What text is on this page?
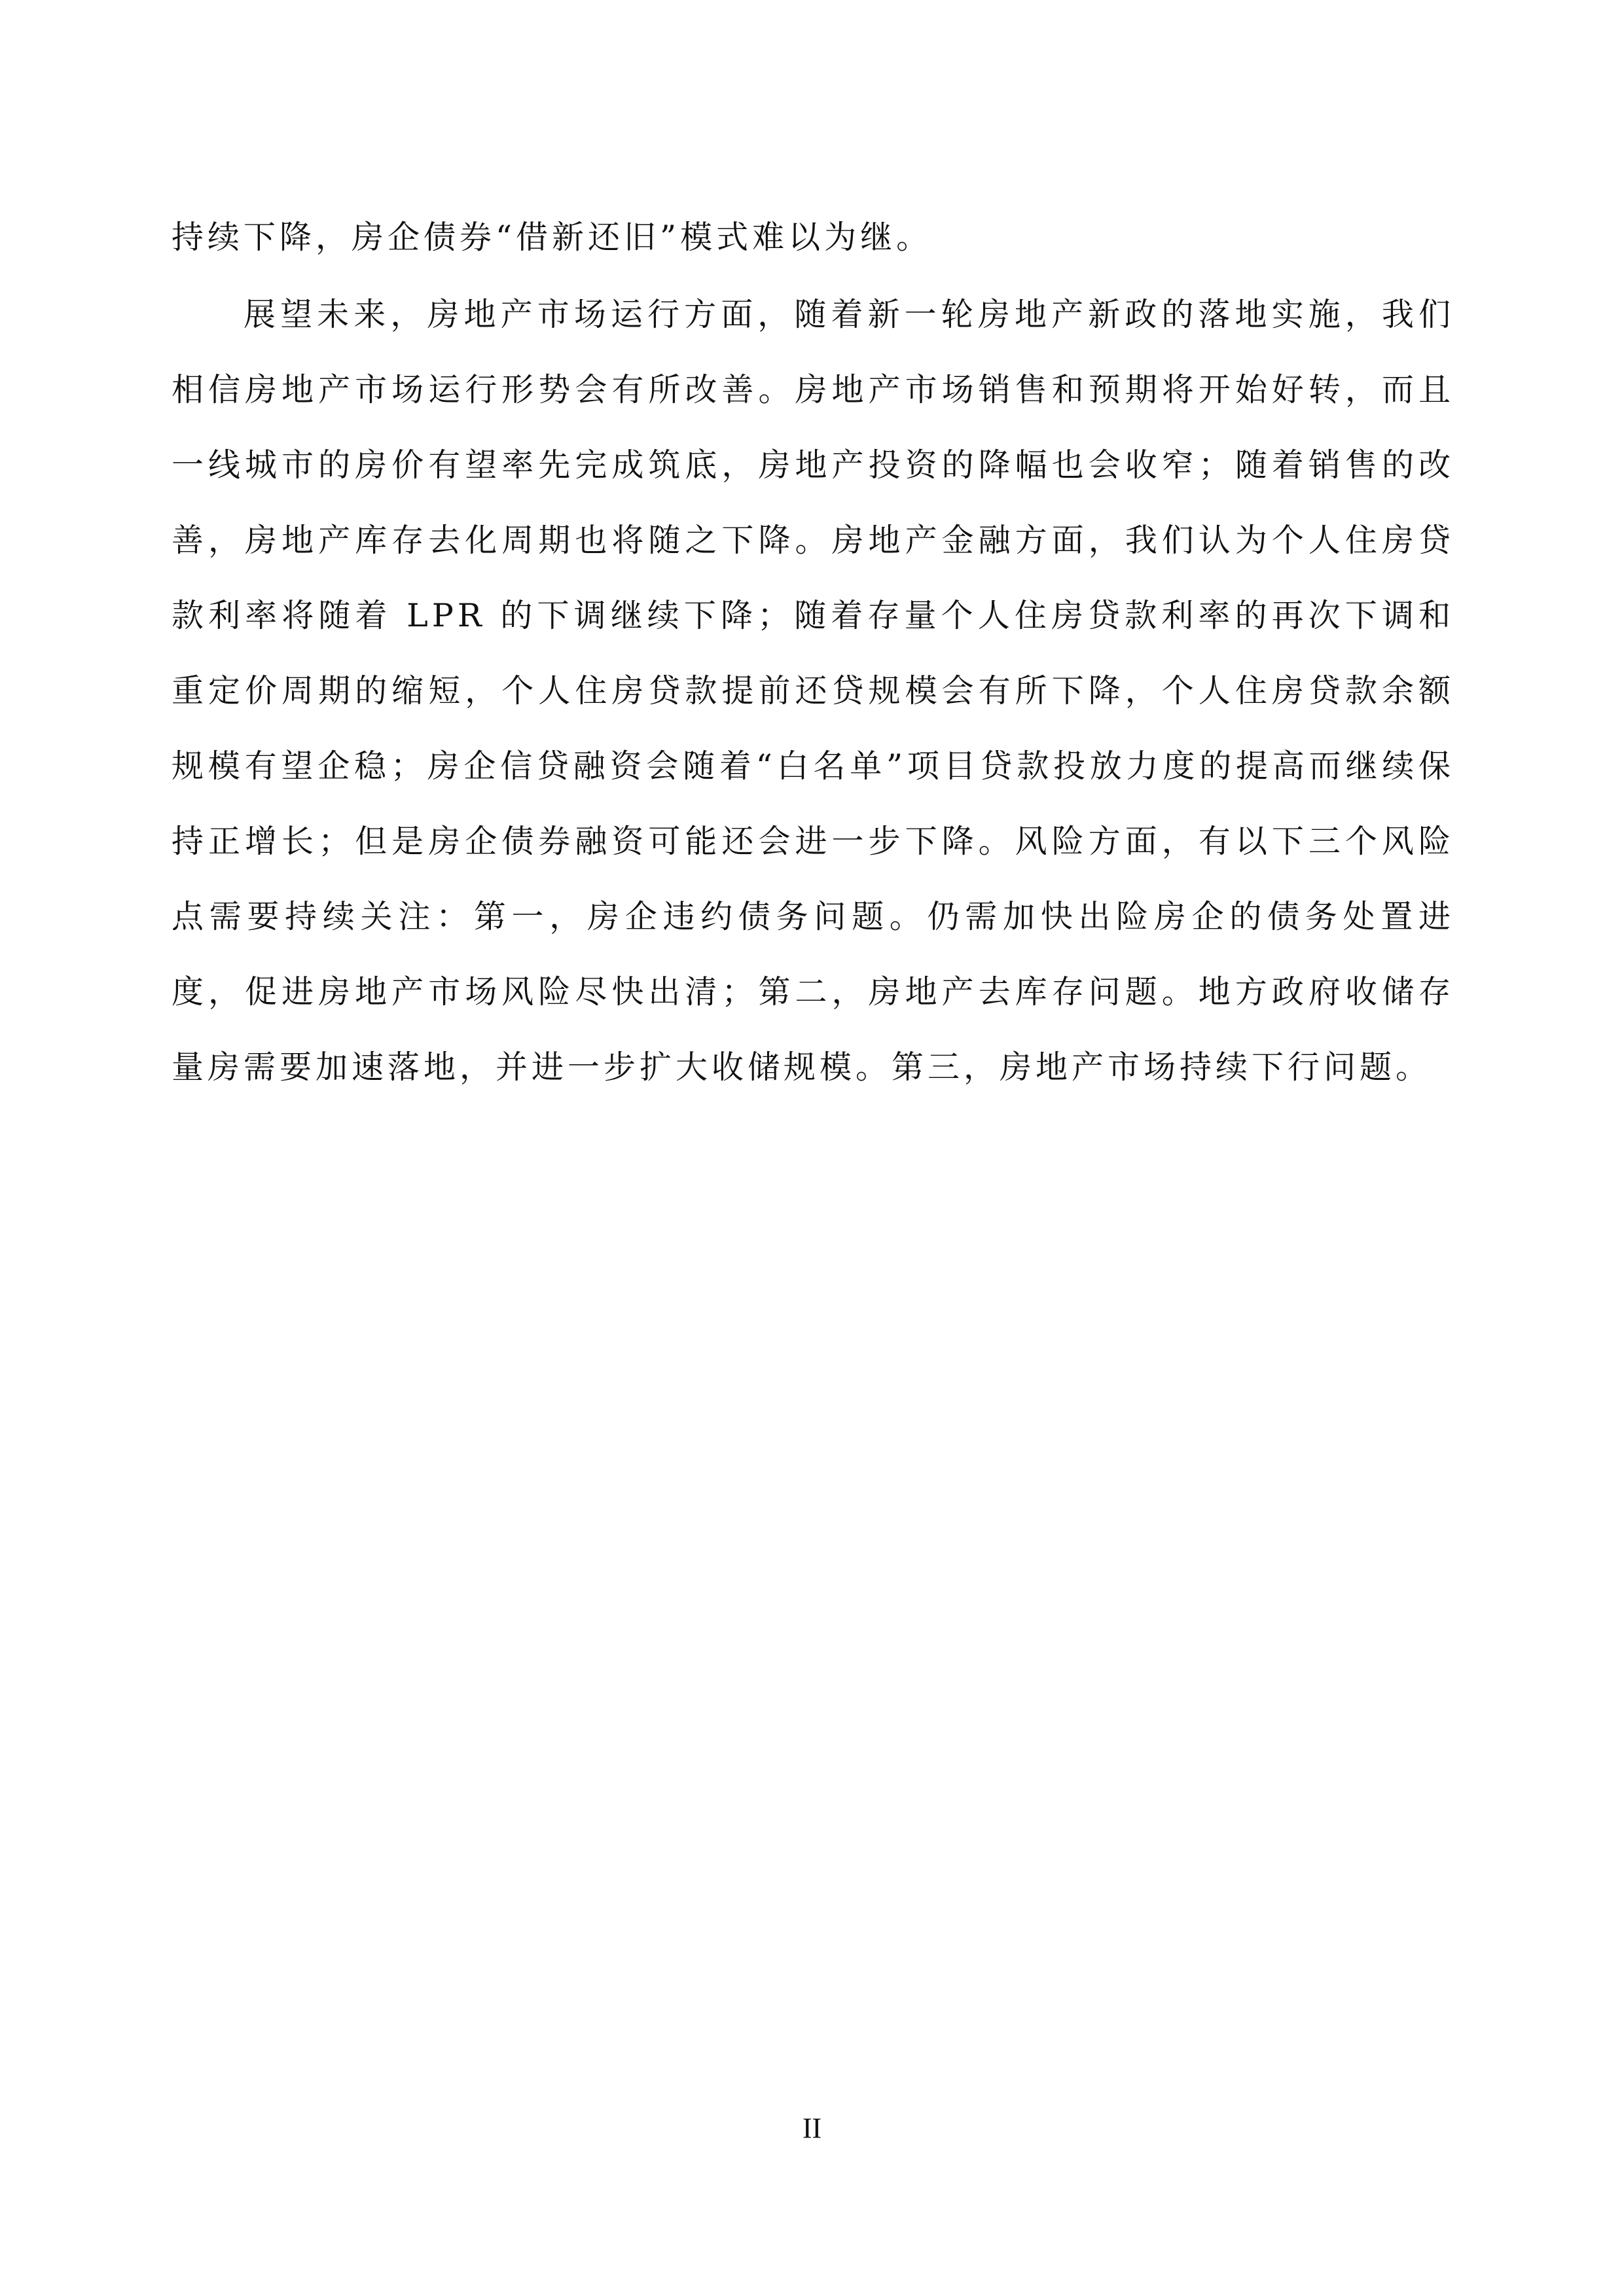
持续下降，房企债券“借新还旧”模式难以为继。

展望未来，房地产市场运行方面，随着新一轮房地产新政的落地实施，我们相信房地产市场运行形势会有所改善。房地产市场销售和预期将开始好转，而且一线城市的房价有望率先完成筑底，房地产投资的降幅也会收窄；随着销售的改善，房地产库存去化周期也将随之下降。房地产金融方面，我们认为个人住房贷款利率将随着 LPR 的下调继续下降；随着存量个人住房贷款利率的再次下调和重定价周期的缩短，个人住房贷款提前还贷规模会有所下降，个人住房贷款余额规模有望企稳；房企信贷融资会随着“白名单”项目贷款投放力度的提高而继续保持正增长；但是房企债券融资可能还会进一步下降。风险方面，有以下三个风险点需要持续关注：第一，房企违约债务问题。仍需加快出险房企的债务处置进度，促进房地产市场风险尽快出清；第二，房地产去库存问题。地方政府收储存量房需要加速落地，并进一步扩大收储规模。第三，房地产市场持续下行问题。

II
